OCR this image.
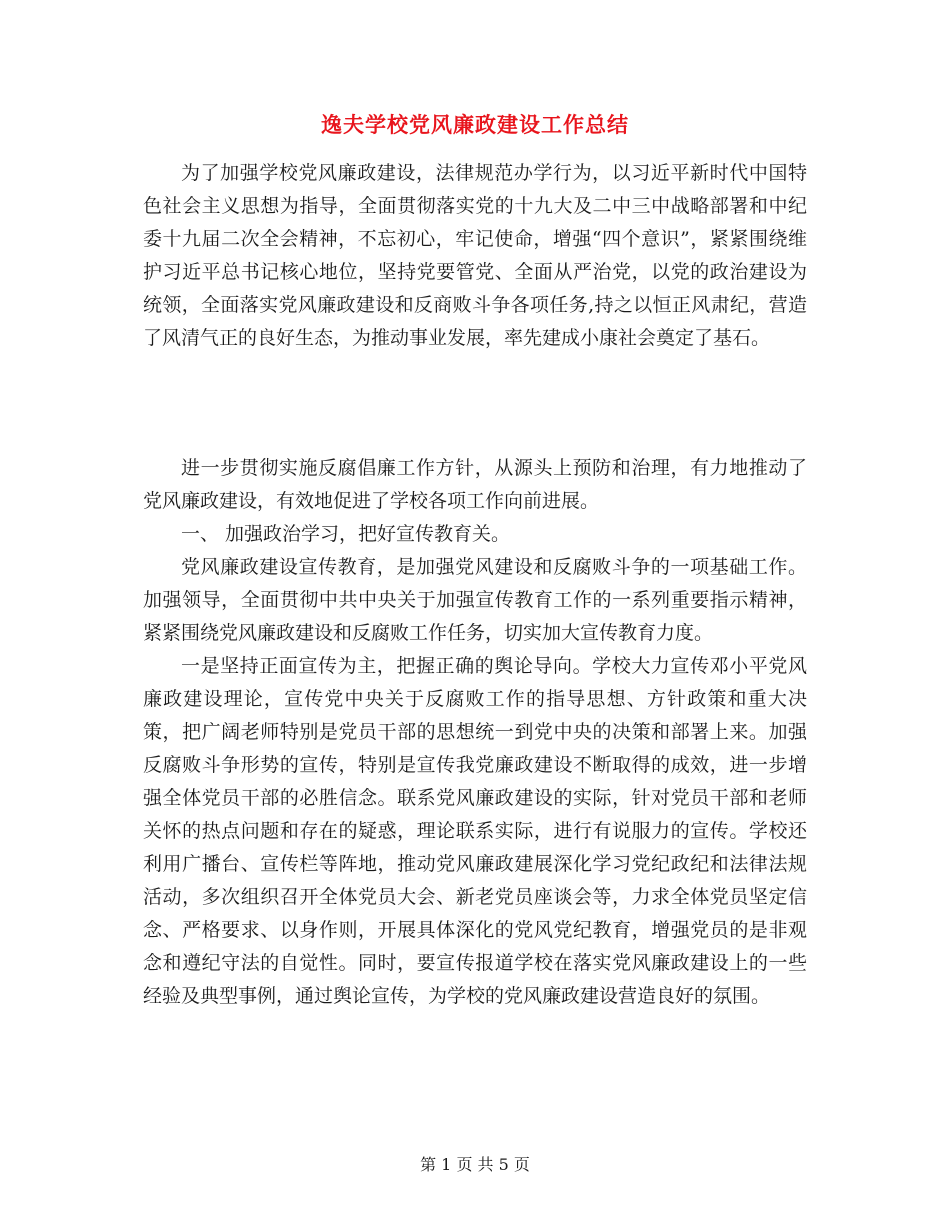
逸夫学校党风廉政建设工作总结

为了加强学校党风廉政建设，法律规范办学行为，以习近平新时代中国特色社会主义思想为指导，全面贯彻落实党的十九大及二中三中战略部署和中纪委十九届二次全会精神，不忘初心，牢记使命，增强“四个意识”，紧紧围绕维护习近平总书记核心地位，坚持党要管党、全面从严治党，以党的政治建设为统领，全面落实党风廉政建设和反商败斗争各项任务,持之以恒正风肃纪，营造了风清气正的良好生态，为推动事业发展，率先建成小康社会奠定了基石。

进一步贯彻实施反腐倡廉工作方针，从源头上预防和治理，有力地推动了党风廉政建设，有效地促进了学校各项工作向前进展。

一、 加强政治学习，把好宣传教育关。

党风廉政建设宣传教育，是加强党风建设和反腐败斗争的一项基础工作。加强领导，全面贯彻中共中央关于加强宣传教育工作的一系列重要指示精神，紧紧围绕党风廉政建设和反腐败工作任务，切实加大宣传教育力度。

一是坚持正面宣传为主，把握正确的舆论导向。学校大力宣传邓小平党风廉政建设理论，宣传党中央关于反腐败工作的指导思想、方针政策和重大决策，把广阔老师特别是党员干部的思想统一到党中央的决策和部署上来。加强反腐败斗争形势的宣传，特别是宣传我党廉政建设不断取得的成效，进一步增强全体党员干部的必胜信念。联系党风廉政建设的实际，针对党员干部和老师关怀的热点问题和存在的疑惑，理论联系实际，进行有说服力的宣传。学校还利用广播台、宣传栏等阵地，推动党风廉政建展深化学习党纪政纪和法律法规活动，多次组织召开全体党员大会、新老党员座谈会等，力求全体党员坚定信念、严格要求、以身作则，开展具体深化的党风党纪教育，增强党员的是非观念和遵纪守法的自觉性。同时，要宣传报道学校在落实党风廉政建设上的一些经验及典型事例，通过舆论宣传，为学校的党风廉政建设营造良好的氛围。

第 1 页 共 5 页
